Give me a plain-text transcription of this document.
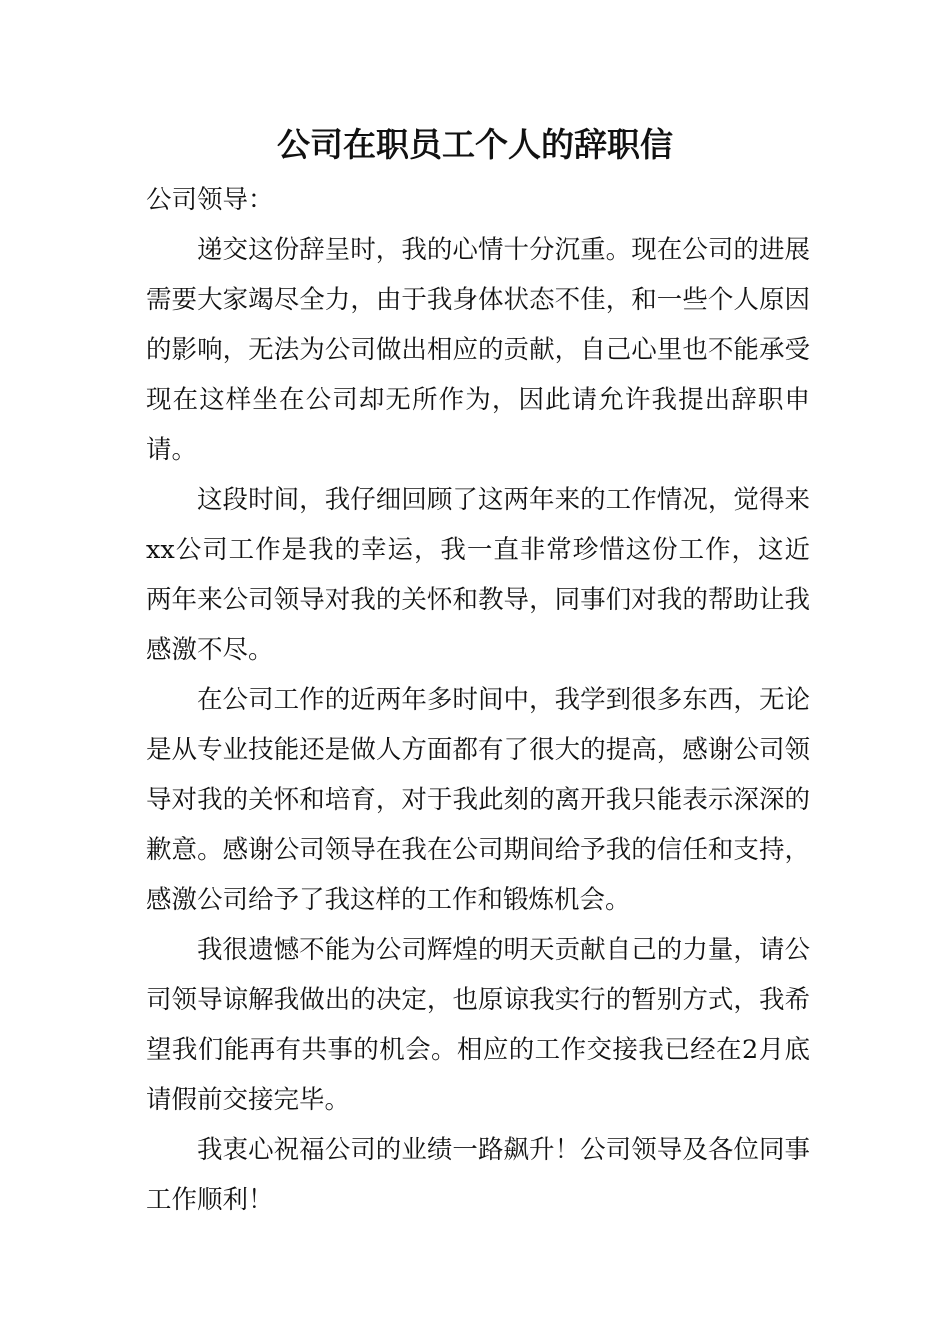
公司在职员工个人的辞职信

公司领导：

递交这份辞呈时，我的心情十分沉重。现在公司的进展需要大家竭尽全力，由于我身体状态不佳，和一些个人原因的影响，无法为公司做出相应的贡献，自己心里也不能承受现在这样坐在公司却无所作为，因此请允许我提出辞职申请。

这段时间，我仔细回顾了这两年来的工作情况，觉得来xx公司工作是我的幸运，我一直非常珍惜这份工作，这近两年来公司领导对我的关怀和教导，同事们对我的帮助让我感激不尽。

在公司工作的近两年多时间中，我学到很多东西，无论是从专业技能还是做人方面都有了很大的提高，感谢公司领导对我的关怀和培育，对于我此刻的离开我只能表示深深的歉意。感谢公司领导在我在公司期间给予我的信任和支持，感激公司给予了我这样的工作和锻炼机会。

我很遗憾不能为公司辉煌的明天贡献自己的力量，请公司领导谅解我做出的决定，也原谅我实行的暂别方式，我希望我们能再有共事的机会。相应的工作交接我已经在2月底请假前交接完毕。

我衷心祝福公司的业绩一路飙升！公司领导及各位同事工作顺利！
